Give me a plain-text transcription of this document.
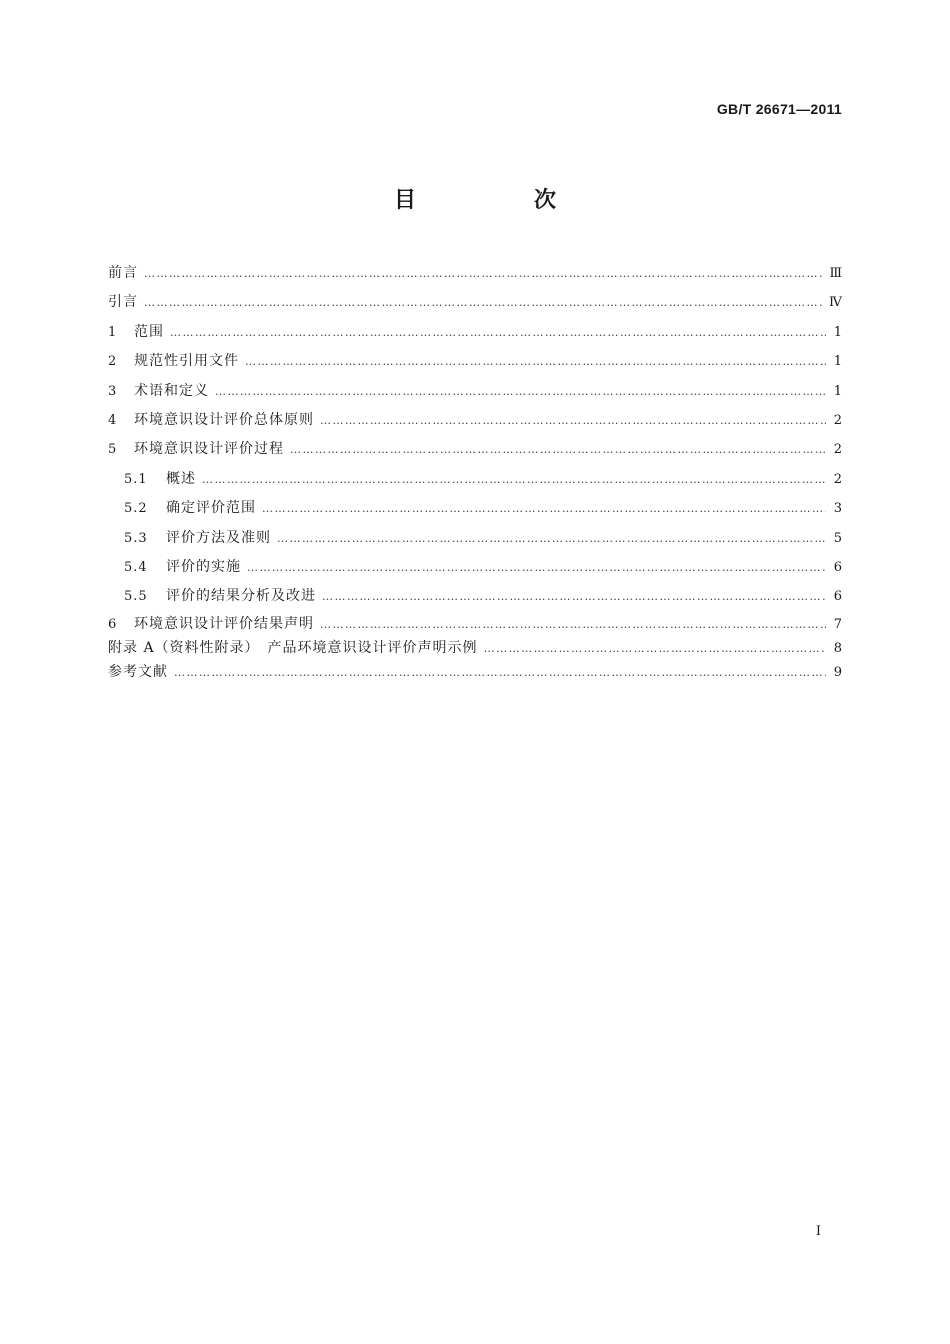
GB/T 26671—2011
目　次
前言 ……………………………………………………………………………………………………………………………………………………………………………………………	Ⅲ
引言 ……………………………………………………………………………………………………………………………………………………………………………………………	Ⅳ
1	范围 ……………………………………………………………………………………………………………………………………………………………………………………………	1
2	规范性引用文件 ……………………………………………………………………………………………………………………………………………………………………………………………	1
3	术语和定义 ……………………………………………………………………………………………………………………………………………………………………………………………	1
4	环境意识设计评价总体原则 ……………………………………………………………………………………………………………………………………………………………………………………………	2
5	环境意识设计评价过程 ……………………………………………………………………………………………………………………………………………………………………………………………	2
5.1	概述 ……………………………………………………………………………………………………………………………………………………………………………………………	2
5.2	确定评价范围 ……………………………………………………………………………………………………………………………………………………………………………………………	3
5.3	评价方法及准则 ……………………………………………………………………………………………………………………………………………………………………………………………	5
5.4	评价的实施 ……………………………………………………………………………………………………………………………………………………………………………………………	6
5.5	评价的结果分析及改进 ……………………………………………………………………………………………………………………………………………………………………………………………	6
6	环境意识设计评价结果声明 ……………………………………………………………………………………………………………………………………………………………………………………………	7
附录 A（资料性附录）　产品环境意识设计评价声明示例 ……………………………………………………………………………………………………………………………………………………………………………………………	8
参考文献 ……………………………………………………………………………………………………………………………………………………………………………………………	9
Ⅰ
